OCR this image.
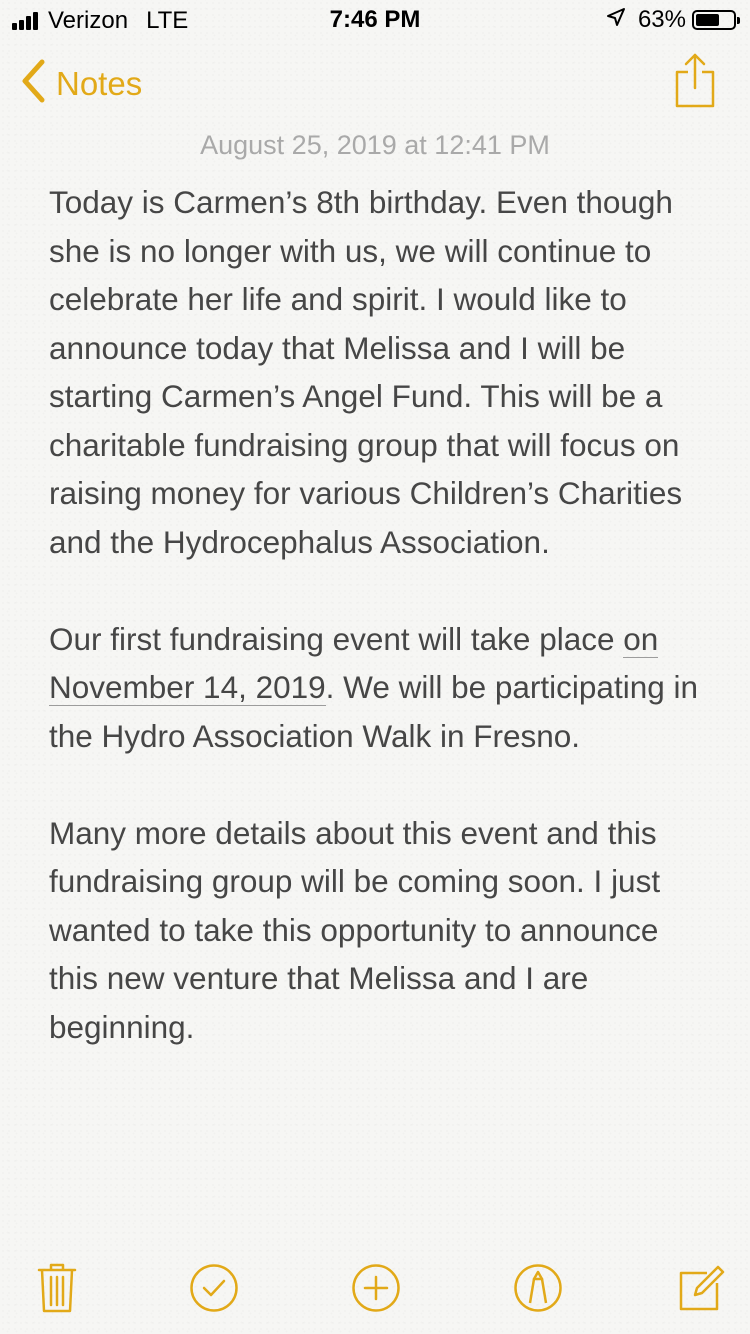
Verizon LTE	7:46 PM	63%
Notes
August 25, 2019 at 12:41 PM

Today is Carmen’s 8th birthday. Even though she is no longer with us, we will continue to celebrate her life and spirit. I would like to announce today that Melissa and I will be starting Carmen’s Angel Fund. This will be a charitable fundraising group that will focus on raising money for various Children’s Charities and the Hydrocephalus Association.

Our first fundraising event will take place on November 14, 2019. We will be participating in the Hydro Association Walk in Fresno.

Many more details about this event and this fundraising group will be coming soon. I just wanted to take this opportunity to announce this new venture that Melissa and I are beginning.
